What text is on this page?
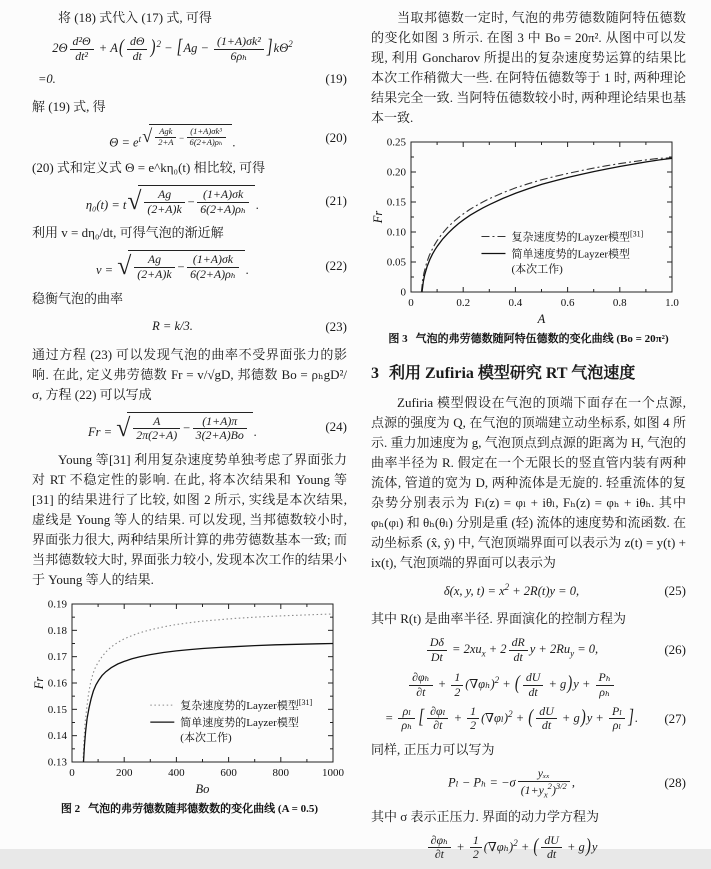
将 (18) 式代入 (17) 式, 可得

$2\Theta \frac{\text{d²Θ}}{\text{dt²}} + A( \frac{d\Theta}{dt} )^2 - [Ag - \frac{\text{(1+A)σk²}}{\text{6ρₕ}} ]k\Theta^2$
=0.	(19)

解 (19) 式, 得

$\Theta = e^{t √ \frac{\text{Agk}}{2+A} - \frac{\text{(1+A)σk³}}{\text{6(2+A)ρₕ}}}$ .	(20)

(20) 式和定义式 Θ = e^kη₀(t) 相比较, 可得

η₀(t) = t √ $\frac{Ag}{(2+A)k} - \frac{(1+A)\sigma k}{\text{6(2+A)ρₕ}}$ .	(21)

利用 v = dη₀/dt, 可得气泡的渐近解

v = √ $\frac{Ag}{(2+A)k} - \frac{(1+A)\sigma k}{\text{6(2+A)ρₕ}}$ .	(22)

稳衡气泡的曲率

R = k/3.	(23)

通过方程 (23) 可以发现气泡的曲率不受界面张力的影响. 在此, 定义弗劳德数 Fr = v/√gD, 邦德数 Bo = ρₕgD²/σ, 方程 (22) 可以写成

Fr = √ $\frac{A}{2\pi(2+A)} - \frac{(1+A)\pi}{3(2+A)Bo}$ .	(24)

Young 等[31] 利用复杂速度势单独考虑了界面张力对 RT 不稳定性的影响. 在此, 将本次结果和 Young 等[31] 的结果进行了比较, 如图 2 所示, 实线是本次结果, 虚线是 Young 等人的结果. 可以发现, 当邦德数较小时, 界面张力很大, 两种结果所计算的弗劳德数基本一致; 而当邦德数较大时, 界面张力较小, 发现本次工作的结果小于 Young 等人的结果.

0	200	400	600	800	1000
0.13
0.14
0.15
0.16
0.17
0.18
0.19
Bo
Fr
复杂速度势的Layzer模型[31]
简单速度势的Layzer模型
(本次工作)
图 2 气泡的弗劳德数随邦德数数的变化曲线 (A = 0.5)

当取邦德数一定时, 气泡的弗劳德数随阿特伍德数的变化如图 3 所示. 在图 3 中 Bo = 20π². 从图中可以发现, 利用 Goncharov 所提出的复杂速度势运算的结果比本次工作稍微大一些. 在阿特伍德数等于 1 时, 两种理论结果完全一致. 当阿特伍德数较小时, 两种理论结果也基本一致.

0	0.2	0.4	0.6	0.8	1.0
0
0.05
0.10
0.15
0.20
0.25
A
Fr
复杂速度势的Layzer模型[31]
简单速度势的Layzer模型
(本次工作)
图 3 气泡的弗劳德数随阿特伍德数的变化曲线 (Bo = 20π²)
3 利用 Zufiria 模型研究 RT 气泡速度

Zufiria 模型假设在气泡的顶端下面存在一个点源, 点源的强度为 Q, 在气泡的顶端建立动坐标系, 如图 4 所示. 重力加速度为 g, 气泡顶点到点源的距离为 H, 气泡的曲率半径为 R. 假定在一个无限长的竖直管内装有两种流体, 管道的宽为 D, 两种流体是无旋的. 轻重流体的复杂势分别表示为 Fₗ(z) = φₗ + iθₗ, Fₕ(z) = φₕ + iθₕ. 其中 φₕ(φₗ) 和 θₕ(θₗ) 分别是重 (轻) 流体的速度势和流函数. 在动坐标系 (x̂, ŷ) 中, 气泡顶端界面可以表示为 z(t) = y(t) + ix(t), 气泡顶端的界面可以表示为

δ(x, y, $t) = x^2 + 2R(t)y = 0$,	(25)

其中 R(t) 是曲率半径. 界面演化的控制方程为

$\frac{D\delta}{Dt} = 2xu_x + 2 \frac{dR}{dt}$ $y + 2Ru_y = 0$,	(26)
$\frac{\text{∂φₕ}}{\partial t} + \frac{1}{2} (\nabla\varphi_h)^2$ + ( $\frac{dU}{dt} + g)y + \frac{\text{Pₕ}}{\text{ρₕ}}$
= $\frac{\text{ρₗ}}{\text{ρₕ}}$ [ $\frac{\text{∂φₗ}}{\partial t} + \frac{1}{2} (\nabla\varphi_l)^2$ + ( $\frac{dU}{dt} + g)y + \frac{\text{Pₗ}}{\text{ρₗ}}$ ]. (27)

同样, 正压力可以写为

$P_l - P_h = -\sigma \frac{\text{yₓₓ}}{(1+y_x^2)^{3/2}}$ ,	(28)

其中 σ 表示正压力. 界面的动力学方程为

$\frac{\text{∂φₕ}}{\partial t} + \frac{1}{2} (\nabla\varphi_h)^2$ + ( $\frac{dU}{dt} + g)y$
